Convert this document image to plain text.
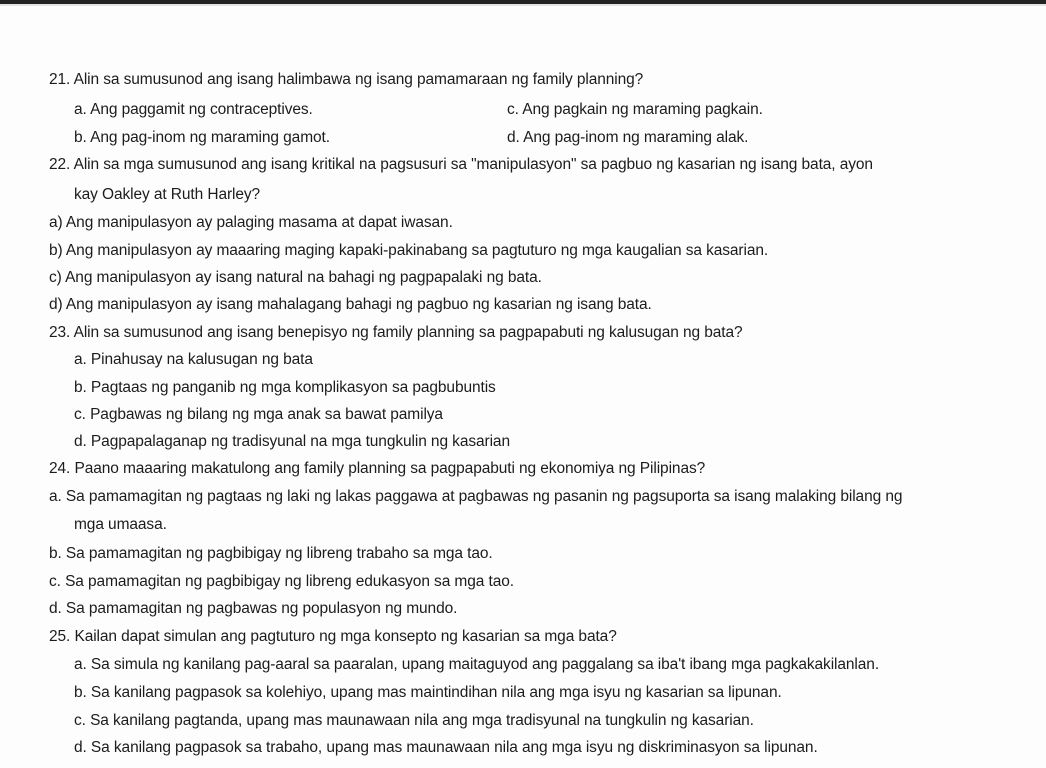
21. Alin sa sumusunod ang isang halimbawa ng isang pamamaraan ng family planning?
a. Ang paggamit ng contraceptives.	c. Ang pagkain ng maraming pagkain.
b. Ang pag-inom ng maraming gamot.	d. Ang pag-inom ng maraming alak.
22. Alin sa mga sumusunod ang isang kritikal na pagsusuri sa "manipulasyon" sa pagbuo ng kasarian ng isang bata, ayon
kay Oakley at Ruth Harley?
a) Ang manipulasyon ay palaging masama at dapat iwasan.
b) Ang manipulasyon ay maaaring maging kapaki-pakinabang sa pagtuturo ng mga kaugalian sa kasarian.
c) Ang manipulasyon ay isang natural na bahagi ng pagpapalaki ng bata.
d) Ang manipulasyon ay isang mahalagang bahagi ng pagbuo ng kasarian ng isang bata.
23. Alin sa sumusunod ang isang benepisyo ng family planning sa pagpapabuti ng kalusugan ng bata?
a. Pinahusay na kalusugan ng bata
b. Pagtaas ng panganib ng mga komplikasyon sa pagbubuntis
c. Pagbawas ng bilang ng mga anak sa bawat pamilya
d. Pagpapalaganap ng tradisyunal na mga tungkulin ng kasarian
24. Paano maaaring makatulong ang family planning sa pagpapabuti ng ekonomiya ng Pilipinas?
a. Sa pamamagitan ng pagtaas ng laki ng lakas paggawa at pagbawas ng pasanin ng pagsuporta sa isang malaking bilang ng
mga umaasa.
b. Sa pamamagitan ng pagbibigay ng libreng trabaho sa mga tao.
c. Sa pamamagitan ng pagbibigay ng libreng edukasyon sa mga tao.
d. Sa pamamagitan ng pagbawas ng populasyon ng mundo.
25. Kailan dapat simulan ang pagtuturo ng mga konsepto ng kasarian sa mga bata?
a. Sa simula ng kanilang pag-aaral sa paaralan, upang maitaguyod ang paggalang sa iba't ibang mga pagkakakilanlan.
b. Sa kanilang pagpasok sa kolehiyo, upang mas maintindihan nila ang mga isyu ng kasarian sa lipunan.
c. Sa kanilang pagtanda, upang mas maunawaan nila ang mga tradisyunal na tungkulin ng kasarian.
d. Sa kanilang pagpasok sa trabaho, upang mas maunawaan nila ang mga isyu ng diskriminasyon sa lipunan.
